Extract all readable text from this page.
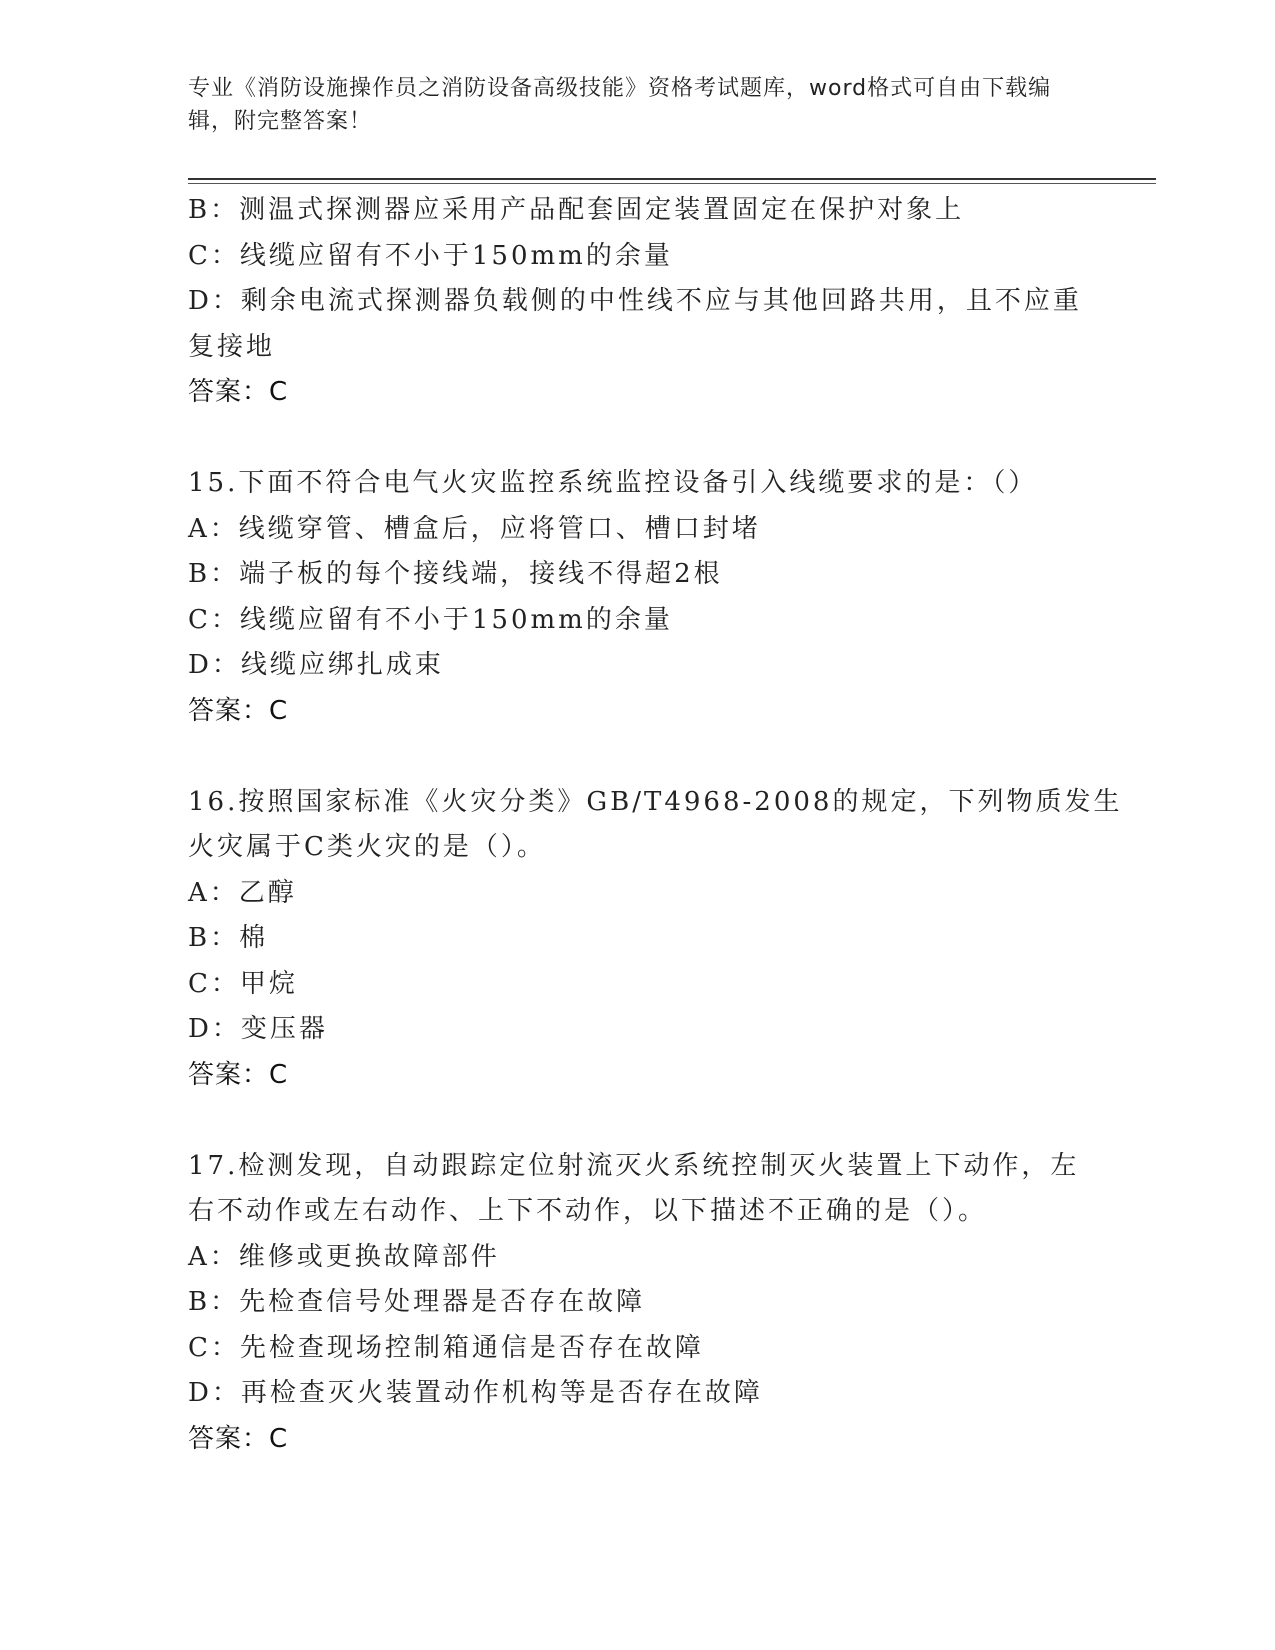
专业《消防设施操作员之消防设备高级技能》资格考试题库，word格式可自由下载编辑，附完整答案！
B：测温式探测器应采用产品配套固定装置固定在保护对象上
C：线缆应留有不小于150mm的余量
D：剩余电流式探测器负载侧的中性线不应与其他回路共用，且不应重
复接地
答案：C
15.下面不符合电气火灾监控系统监控设备引入线缆要求的是：（）
A：线缆穿管、槽盒后，应将管口、槽口封堵
B：端子板的每个接线端，接线不得超2根
C：线缆应留有不小于150mm的余量
D：线缆应绑扎成束
答案：C
16.按照国家标准《火灾分类》GB/T4968-2008的规定，下列物质发生
火灾属于C类火灾的是（）。
A：乙醇
B：棉
C：甲烷
D：变压器
答案：C
17.检测发现，自动跟踪定位射流灭火系统控制灭火装置上下动作，左
右不动作或左右动作、上下不动作，以下描述不正确的是（）。
A：维修或更换故障部件
B：先检查信号处理器是否存在故障
C：先检查现场控制箱通信是否存在故障
D：再检查灭火装置动作机构等是否存在故障
答案：C
